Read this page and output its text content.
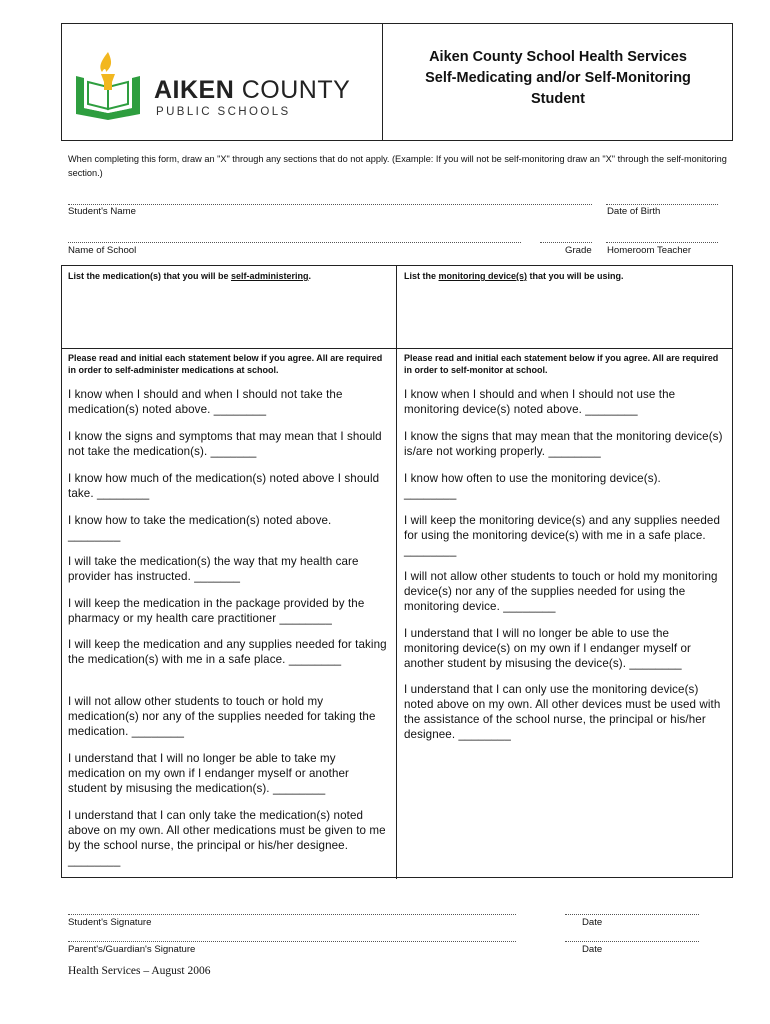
AIKEN COUNTY
PUBLIC SCHOOLS
Aiken County School Health Services
Self-Medicating and/or Self-Monitoring
Student
When completing this form, draw an "X" through any sections that do not apply. (Example: If you will not be self-monitoring draw an "X" through the self-monitoring section.)
Student's Name	Date of Birth
Name of School	Grade Homeroom Teacher
List the medication(s) that you will be self-administering.
Please read and initial each statement below if you agree. All are required in order to self-administer medications at school.
I know when I should and when I should not take the medication(s) noted above. ________
I know the signs and symptoms that may mean that I should not take the medication(s). _______
I know how much of the medication(s) noted above I should take. ________
I know how to take the medication(s) noted above. ________
I will take the medication(s) the way that my health care provider has instructed. _______
I will keep the medication in the package provided by the pharmacy or my health care practitioner ________
I will keep the medication and any supplies needed for taking the medication(s) with me in a safe place. ________
I will not allow other students to touch or hold my medication(s) nor any of the supplies needed for taking the medication. ________
I understand that I will no longer be able to take my medication on my own if I endanger myself or another student by misusing the medication(s). ________
I understand that I can only take the medication(s) noted above on my own. All other medications must be given to me by the school nurse, the principal or his/her designee. ________
List the monitoring device(s) that you will be using.
Please read and initial each statement below if you agree. All are required in order to self-monitor at school.
I know when I should and when I should not use the monitoring device(s) noted above. ________
I know the signs that may mean that the monitoring device(s) is/are not working properly. ________
I know how often to use the monitoring device(s). ________
I will keep the monitoring device(s) and any supplies needed for using the monitoring device(s) with me in a safe place. ________
I will not allow other students to touch or hold my monitoring device(s) nor any of the supplies needed for using the monitoring device. ________
I understand that I will no longer be able to use the monitoring device(s) on my own if I endanger myself or another student by misusing the device(s). ________
I understand that I can only use the monitoring device(s) noted above on my own. All other devices must be used with the assistance of the school nurse, the principal or his/her designee. ________
Student's Signature	Date
Parent's/Guardian's Signature	Date
Health Services – August 2006
